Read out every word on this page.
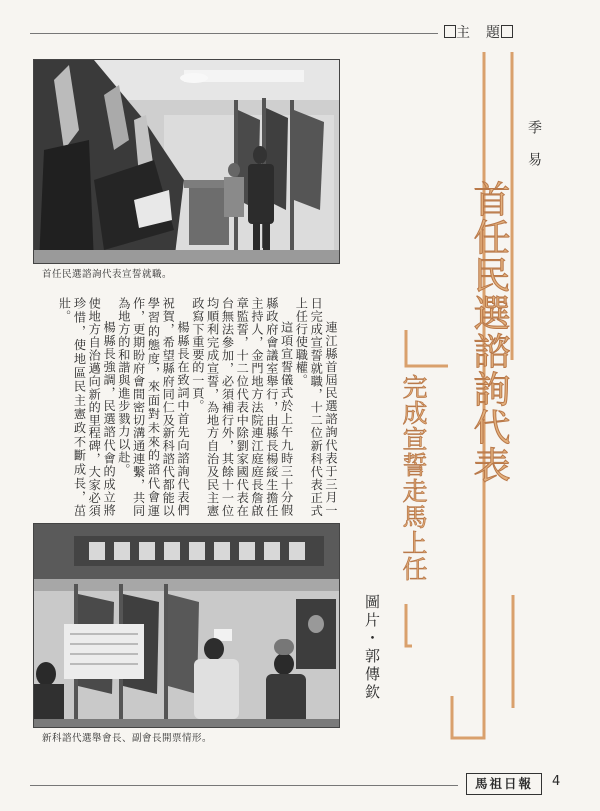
主　題
首任民選諮詢代表宣誓就職。

連江縣首屆民選諮詢代表于三月一日完成宣誓就職，十二位新科代表正式上任行使職權。

這項宣誓儀式於上午九時三十分假縣政府會議室舉行，由縣長楊綏生擔任主持人，金門地方法院連江庭庭長詹啟章監誓，十二位代表中除劉家國代表在台無法參加，必須補行外，其餘十一位均順利完成宣誓，為地方自治及民主憲政寫下重要的一頁。

楊縣長在致詞中首先向諮詢代表們祝賀，希望縣府同仁及新科諮代都能以學習的態度，來面對未來的諮代會運作，更期盼府會間密切溝通連繫，共同為地方的和諧與進步戮力以赴。

楊縣長強調，民選諮代會的成立將使地方自治邁向新的里程碑，大家必須珍惜，使地區民主憲政不斷成長，茁壯。

新科諮代選舉會長、副會長開票情形。
季易
首任民選諮詢代表
完成宣誓走馬上任
圖片・郭傳欽
馬祖日報	4
